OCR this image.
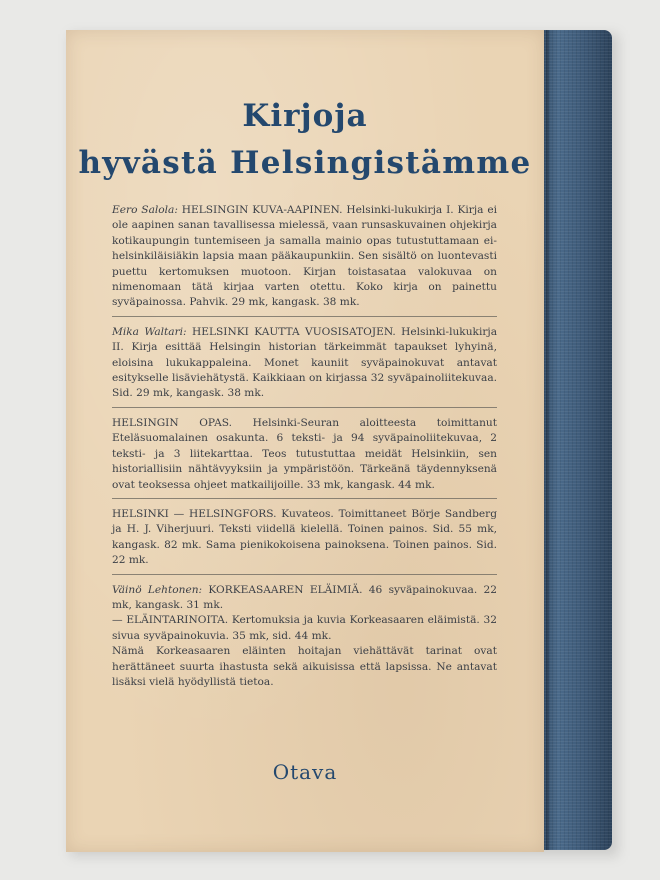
Kirjoja
hyvästä Helsingistämme

Eero Salola: HELSINGIN KUVA-AAPINEN. Helsinki-lukukirja I. Kirja ei ole aapinen sanan tavallisessa mielessä, vaan runsaskuvainen ohjekirja kotikaupungin tuntemiseen ja samalla mainio opas tutustuttamaan ei-helsinkiläisiäkin lapsia maan pääkaupunkiin. Sen sisältö on luontevasti puettu kertomuksen muotoon. Kirjan toistasataa valokuvaa on nimenomaan tätä kirjaa varten otettu. Koko kirja on painettu syväpainossa. Pahvik. 29 mk, kangask. 38 mk.

Mika Waltari: HELSINKI KAUTTA VUOSISATOJEN. Helsinki-lukukirja II. Kirja esittää Helsingin historian tärkeimmät tapaukset lyhyinä, eloisina lukukappaleina. Monet kauniit syväpainokuvat antavat esitykselle lisäviehätystä. Kaikkiaan on kirjassa 32 syväpainoliitekuvaa. Sid. 29 mk, kangask. 38 mk.

HELSINGIN OPAS. Helsinki-Seuran aloitteesta toimittanut Eteläsuomalainen osakunta. 6 teksti- ja 94 syväpainoliitekuvaa, 2 teksti- ja 3 liitekarttaa. Teos tutustuttaa meidät Helsinkiin, sen historiallisiin nähtävyyksiin ja ympäristöön. Tärkeänä täydennyksenä ovat teoksessa ohjeet matkailijoille. 33 mk, kangask. 44 mk.

HELSINKI — HELSINGFORS. Kuvateos. Toimittaneet Börje Sandberg ja H. J. Viherjuuri. Teksti viidellä kielellä. Toinen painos. Sid. 55 mk, kangask. 82 mk. Sama pienikokoisena painoksena. Toinen painos. Sid. 22 mk.

Väinö Lehtonen: KORKEASAAREN ELÄIMIÄ. 46 syväpainokuvaa. 22 mk, kangask. 31 mk.

— ELÄINTARINOITA. Kertomuksia ja kuvia Korkeasaaren eläimistä. 32 sivua syväpainokuvia. 35 mk, sid. 44 mk.

Nämä Korkeasaaren eläinten hoitajan viehättävät tarinat ovat herättäneet suurta ihastusta sekä aikuisissa että lapsissa. Ne antavat lisäksi vielä hyödyllistä tietoa.

Otava
